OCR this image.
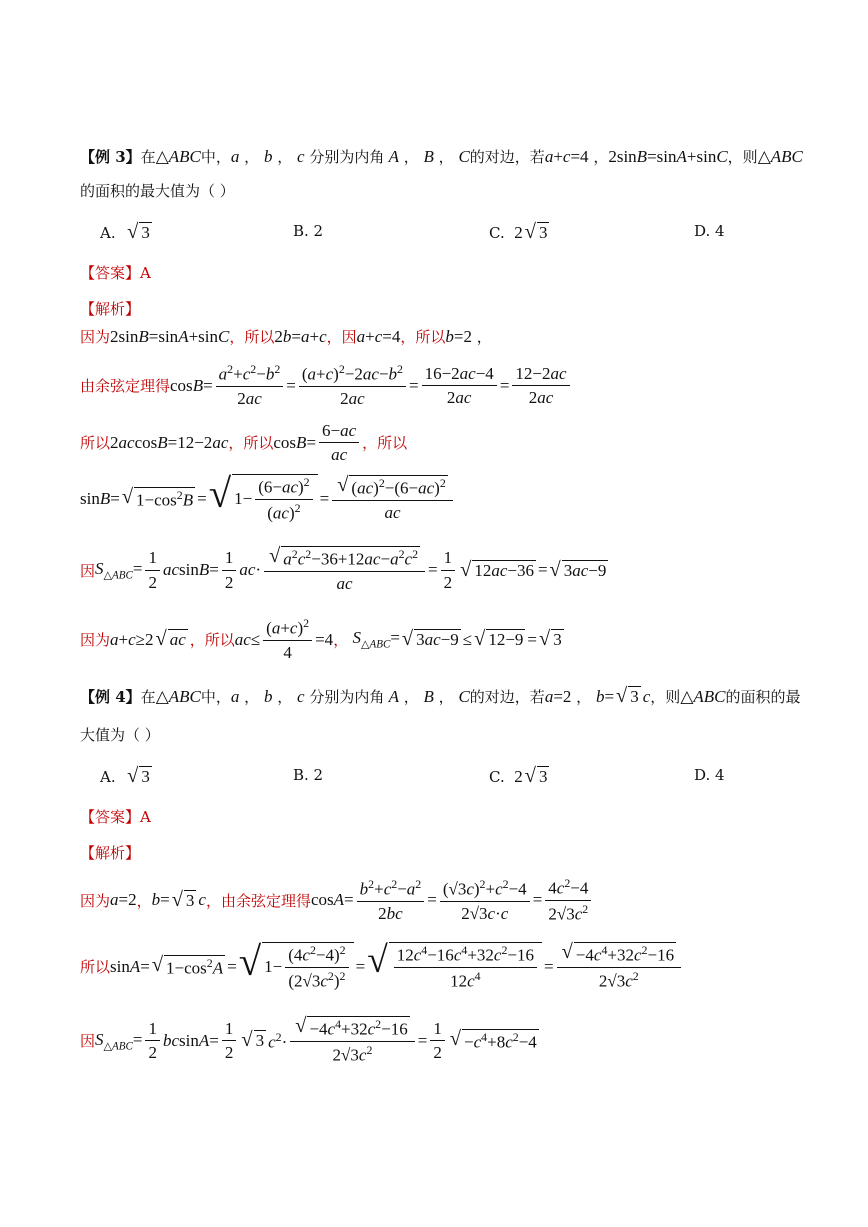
【例 3】 在 △ABC 中， a ， b ， c
分别为内角 A ， B ， C 的对边，若 a+c=4 ， 2sinB=sinA+sinC ，则 △ABC
的面积的最大值为（ ）
A. √ 3	B. 2	C. 2 √ 3	D. 4
【答案】A
【解析】
因为 2sinB=sinA+sinC ，所以 2b=a+c ，因 a+c=4 ，所以 b=2 ，
由余弦定理得 $\cos B= \frac{a^2+c^2-b^2}{2ac} = \frac{(a+c)^2-2ac-b^2}{2ac} = \frac{16-2ac-4}{2ac} = \frac{12-2ac}{2ac}$
所以 2accosB=12−2ac ，所以 $\cos B= \frac{6-ac}{ac}$ ，所以
sinB= √ $1-\cos^2B$ = √ $1- \frac{(6-ac)^2}{(ac)^2} = \frac{√ (ac)^2-(6-ac)^2}{ac}$
因 $S_{\triangle ABC}= \frac{1}{2} acsinB= \frac{1}{2} ac\cdot \frac{√ a^2c^2-36+12ac-a^2c^2}{ac} = \frac{1}{2}$ √ 12ac−36 = √ 3ac−9
因为 a+c≥2 √ ac ，所以 $ac\le \frac{(a+c)^2}{4} =4$ ， $S_{\triangle ABC}=$ √ 3ac−9 ≤ √ 12−9 = √ 3
【例 4】 在 △ABC 中， a ， b ， c
分别为内角 A ， B ， C 的对边，若 a=2 ， b= √ 3 c ，则 △ABC 的面积的最
大值为（ ）
A. √ 3	B. 2	C. 2 √ 3	D. 4
【答案】A
【解析】
因为 a=2 ， b= √ 3 c ，由余弦定理得 $\cos A= \frac{b^2+c^2-a^2}{2bc} = \frac{(√3c)^2+c^2-4}{2√3c\cdot c} = \frac{4c^2-4}{2√3c^2}$
所以 sinA= √ $1-\cos^2A$ = √ $1- \frac{(4c^2-4)^2}{(2√3c^2)^2}$ = √ $\frac{12c^4-16c^4+32c^2-16}{12c^4} = \frac{√ -4c^4+32c^2-16}{2√3c^2}$
因 $S_{\triangle ABC}= \frac{1}{2} bcsinA= \frac{1}{2}$ √ 3 $c^2\cdot \frac{√ -4c^4+32c^2-16}{2√3c^2} = \frac{1}{2}$ √ $-c^4+8c^2-4$
